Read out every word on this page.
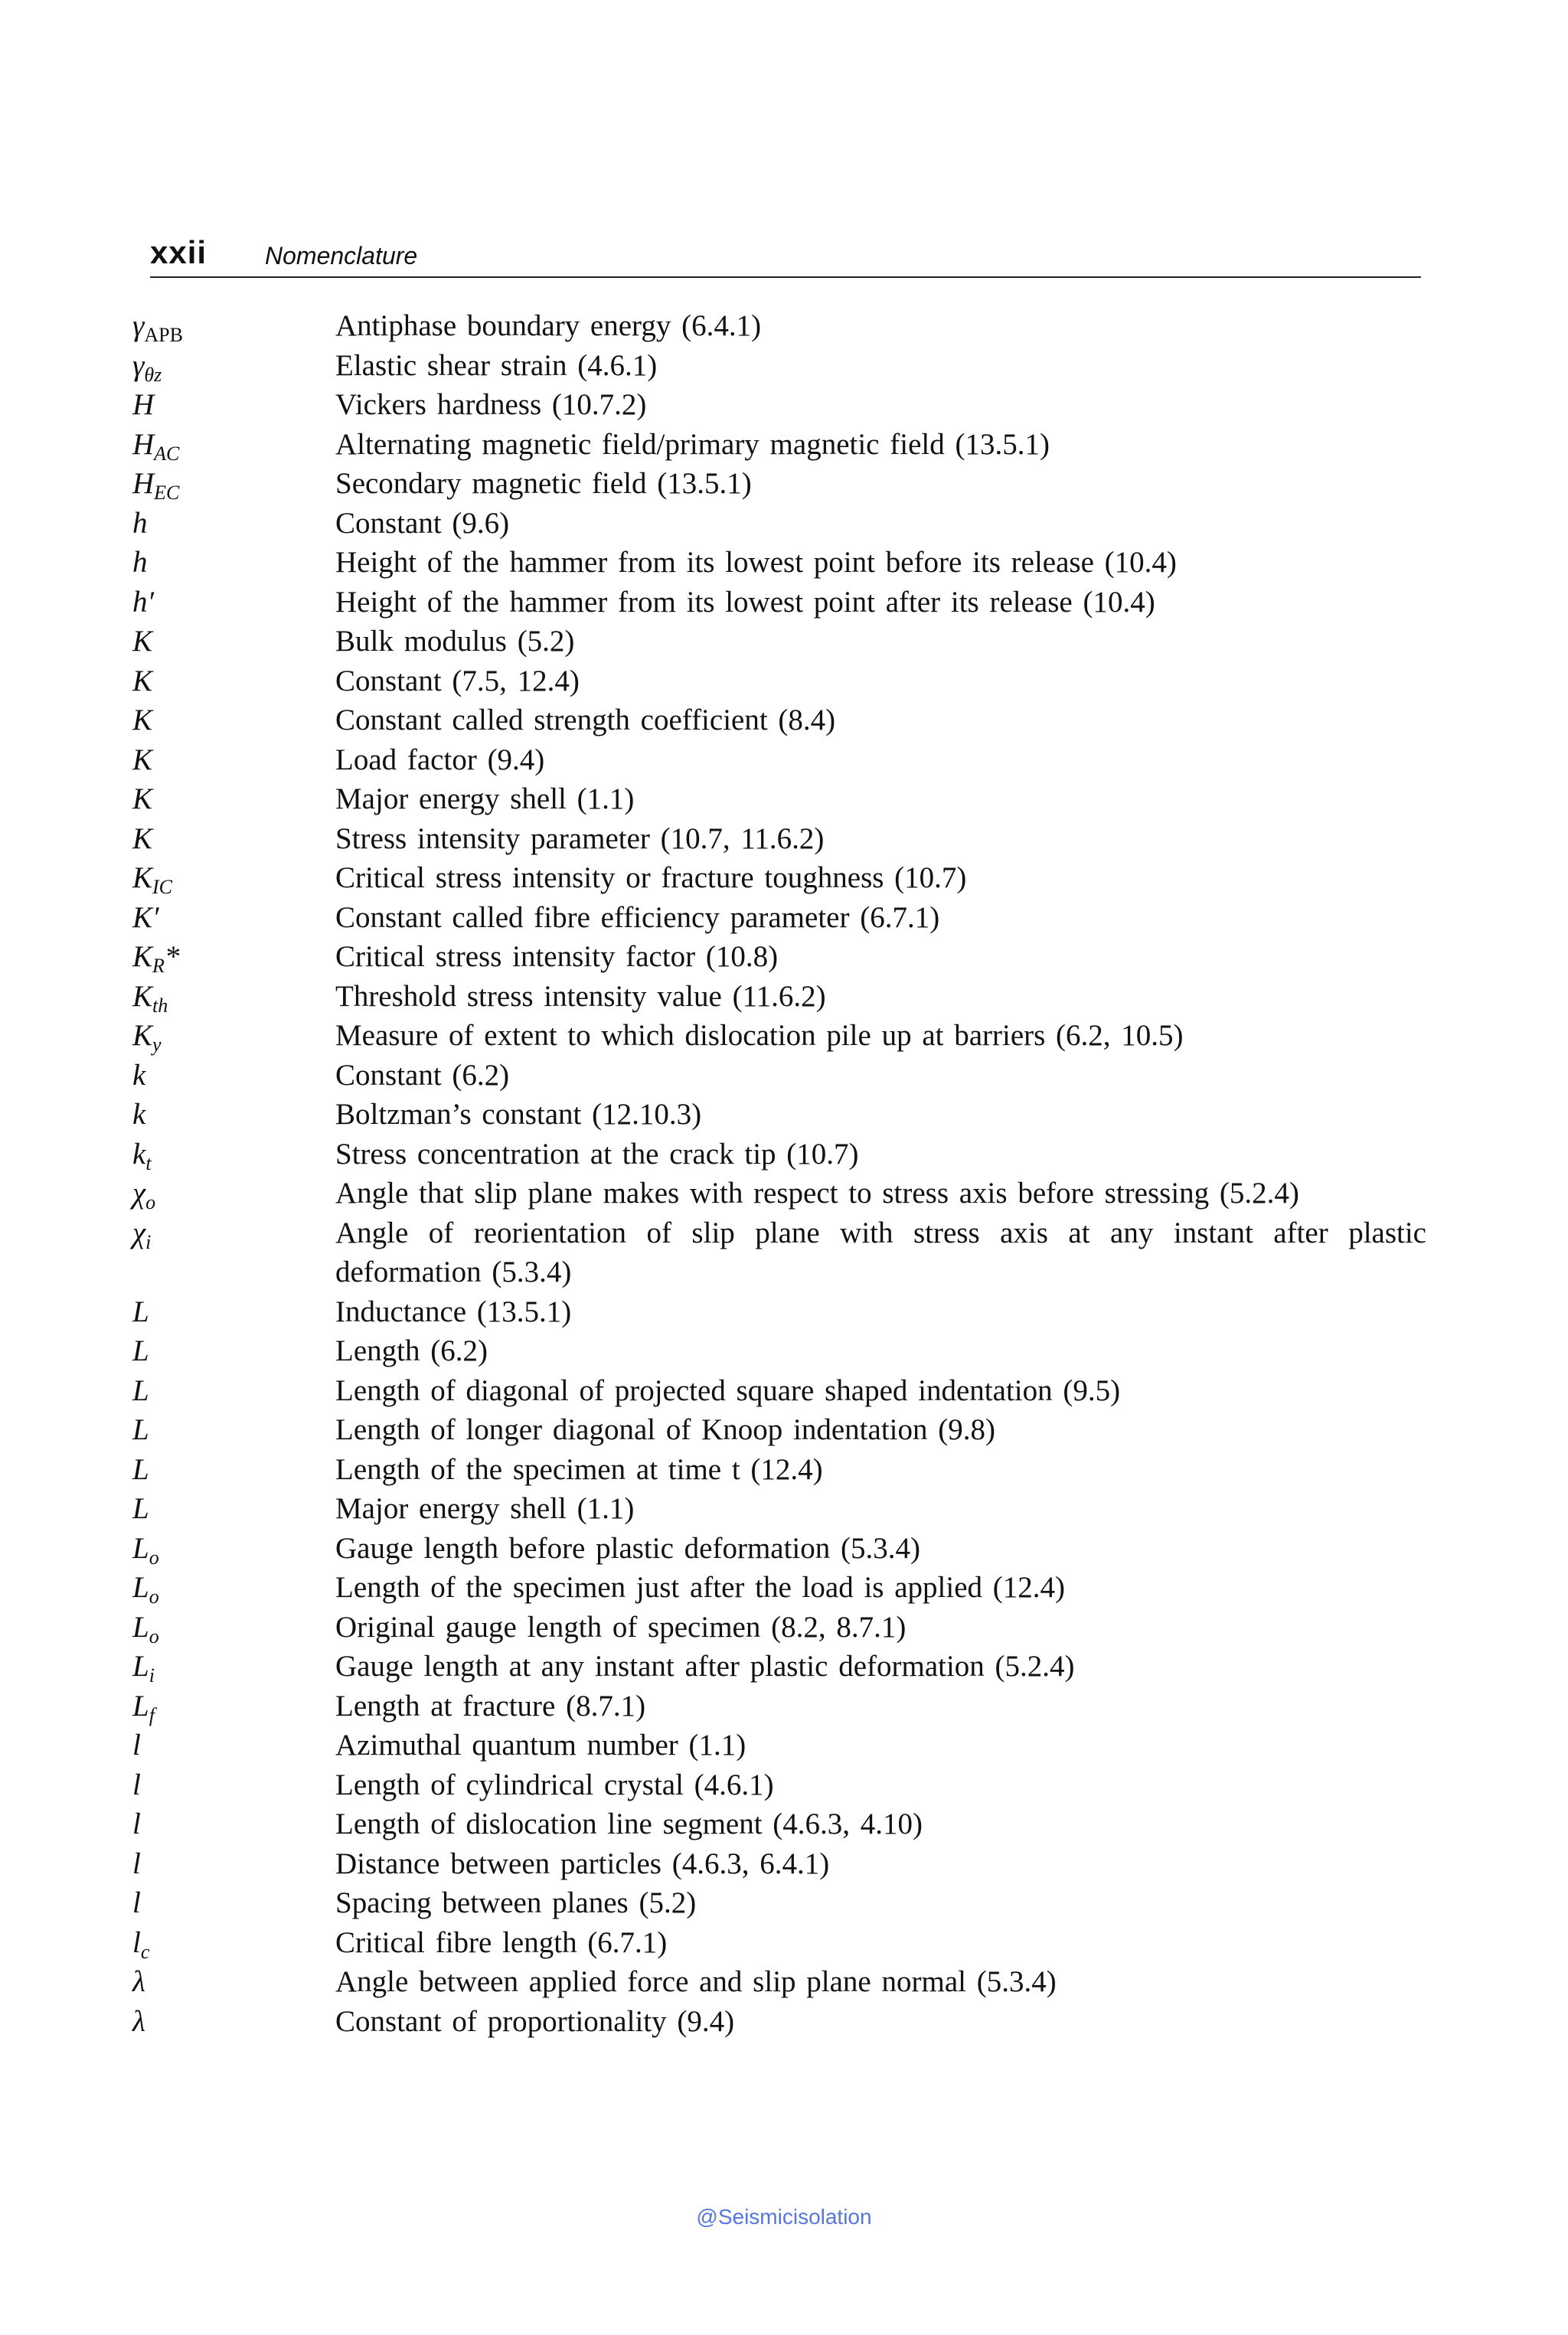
xxii Nomenclature
$\gamma_{APB}$	Antiphase boundary energy (6.4.1)
$\gamma_{\theta z}$	Elastic shear strain (4.6.1)
H	Vickers hardness (10.7.2)
$H_{AC}$	Alternating magnetic field/primary magnetic field (13.5.1)
$H_{EC}$	Secondary magnetic field (13.5.1)
h	Constant (9.6)
h	Height of the hammer from its lowest point before its release (10.4)
h′	Height of the hammer from its lowest point after its release (10.4)
K	Bulk modulus (5.2)
K	Constant (7.5, 12.4)
K	Constant called strength coefficient (8.4)
K	Load factor (9.4)
K	Major energy shell (1.1)
K	Stress intensity parameter (10.7, 11.6.2)
$K_{IC}$	Critical stress intensity or fracture toughness (10.7)
K′	Constant called fibre efficiency parameter (6.7.1)
$K_R*$	Critical stress intensity factor (10.8)
$K_{th}$	Threshold stress intensity value (11.6.2)
$K_y$	Measure of extent to which dislocation pile up at barriers (6.2, 10.5)
k	Constant (6.2)
k	Boltzman’s constant (12.10.3)
$k_t$	Stress concentration at the crack tip (10.7)
$\chi_o$	Angle that slip plane makes with respect to stress axis before stressing (5.2.4)
$\chi_i$	Angle of reorientation of slip plane with stress axis at any instant after plastic deformation (5.3.4)
L	Inductance (13.5.1)
L	Length (6.2)
L	Length of diagonal of projected square shaped indentation (9.5)
L	Length of longer diagonal of Knoop indentation (9.8)
L	Length of the specimen at time t (12.4)
L	Major energy shell (1.1)
$L_o$	Gauge length before plastic deformation (5.3.4)
$L_o$	Length of the specimen just after the load is applied (12.4)
$L_o$	Original gauge length of specimen (8.2, 8.7.1)
$L_i$	Gauge length at any instant after plastic deformation (5.2.4)
$L_f$	Length at fracture (8.7.1)
l	Azimuthal quantum number (1.1)
l	Length of cylindrical crystal (4.6.1)
l	Length of dislocation line segment (4.6.3, 4.10)
l	Distance between particles (4.6.3, 6.4.1)
l	Spacing between planes (5.2)
$l_c$	Critical fibre length (6.7.1)
λ	Angle between applied force and slip plane normal (5.3.4)
λ	Constant of proportionality (9.4)
@Seismicisolation
